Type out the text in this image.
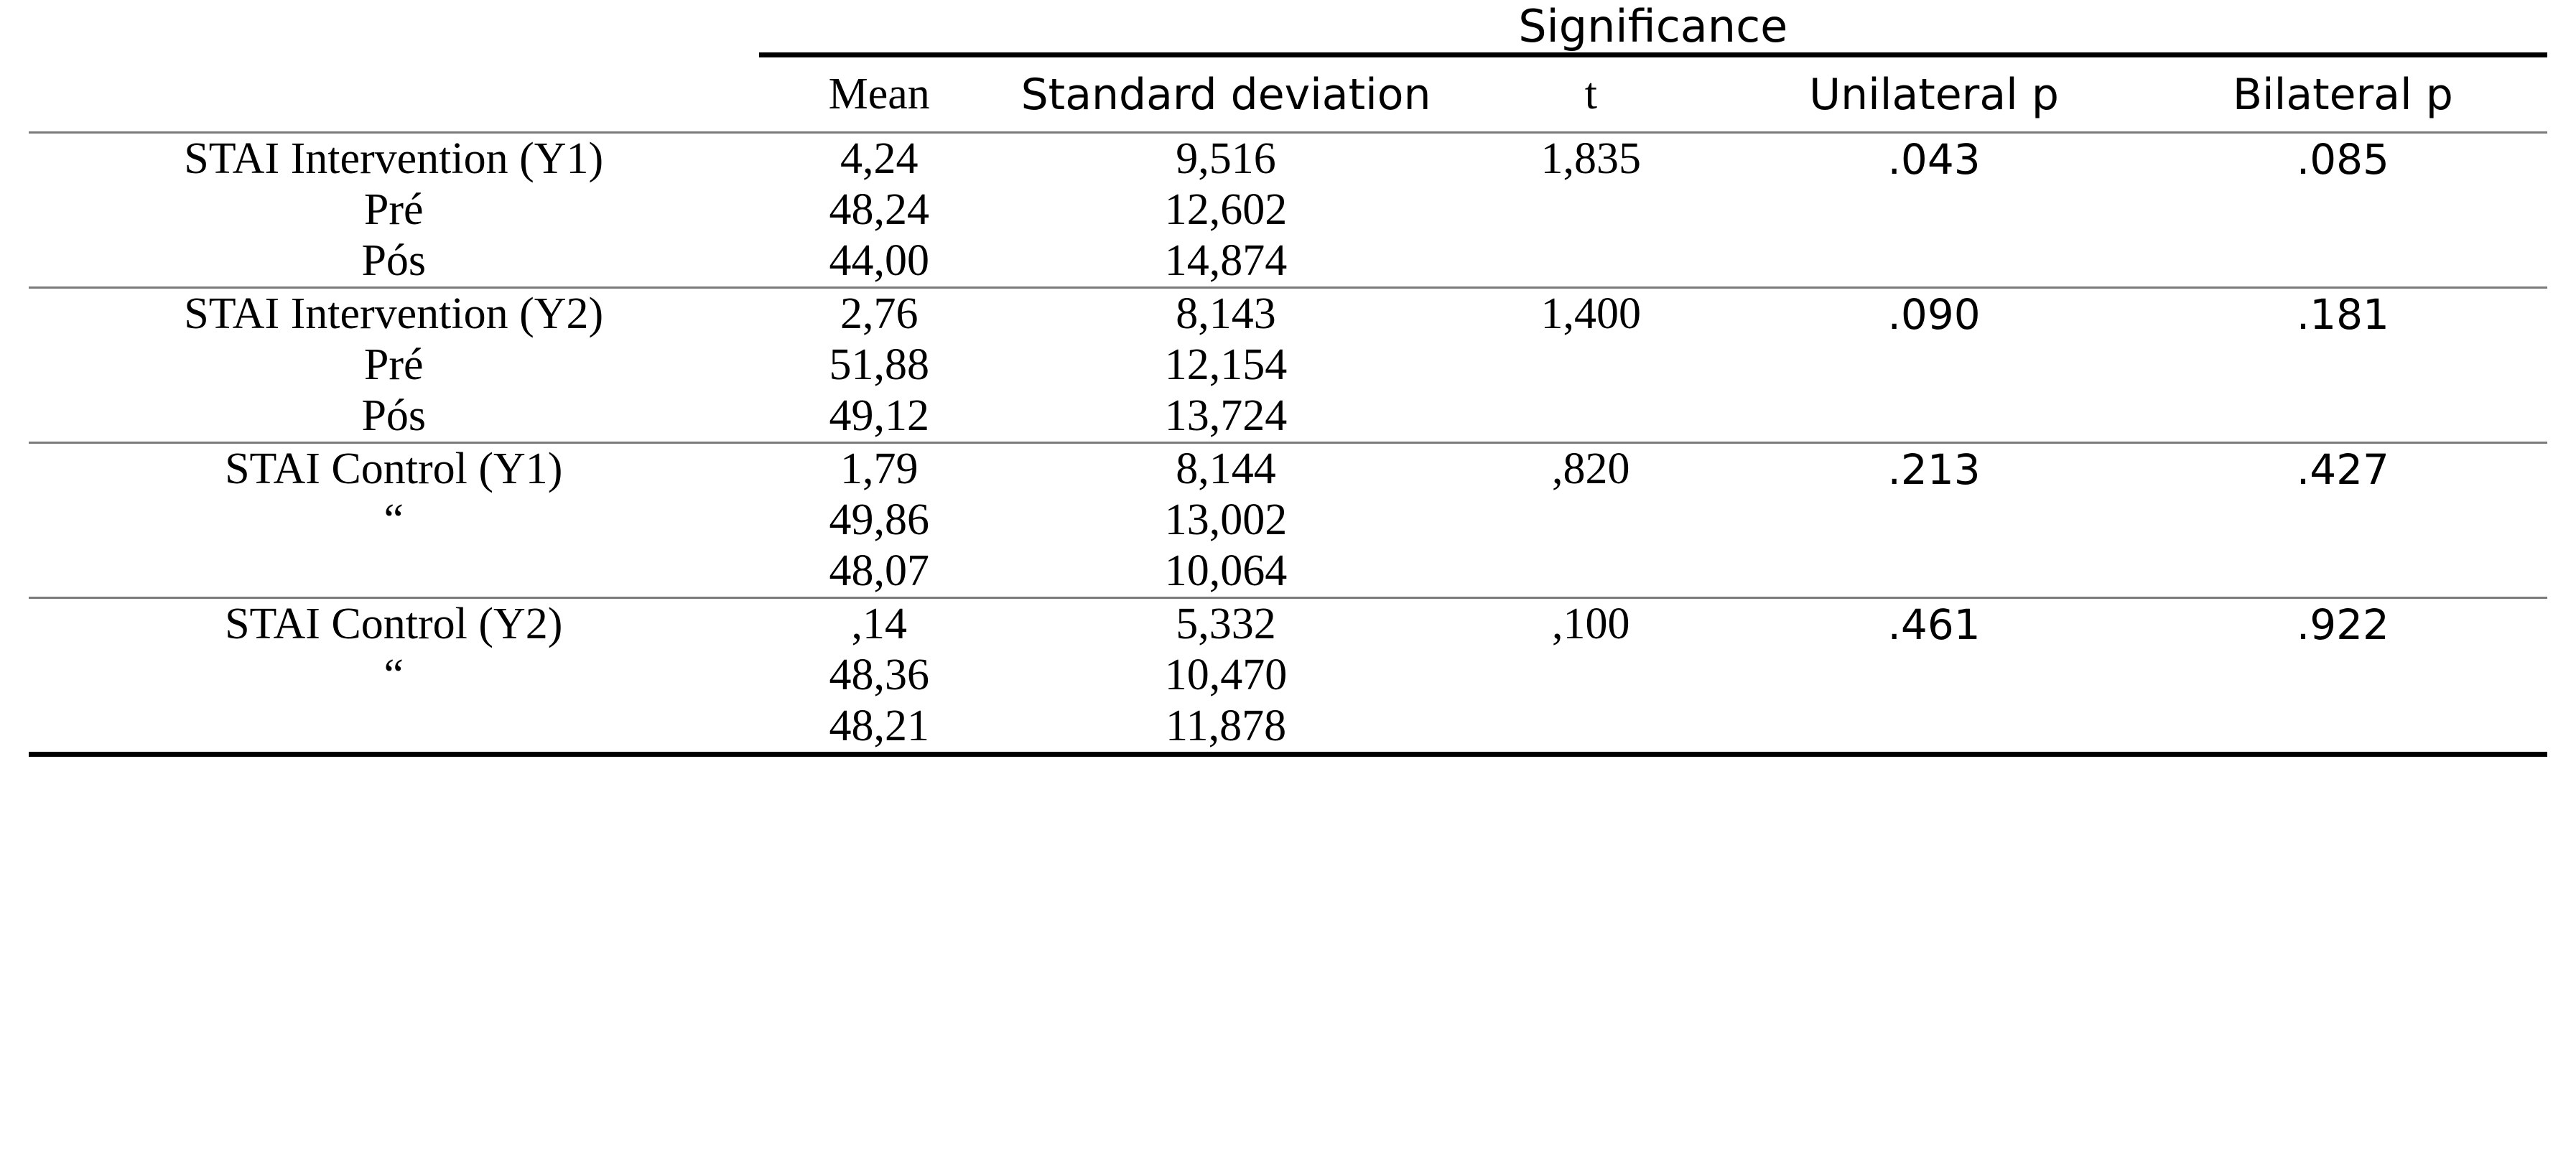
	Significance				
	Mean	Standard deviation	t	Unilateral p	Bilateral p
STAI Intervention (Y1)	4,24	9,516	1,835	.043	.085
Pré	48,24	12,602			
Pós	44,00	14,874			
STAI Intervention (Y2)	2,76	8,143	1,400	.090	.181
Pré	51,88	12,154			
Pós	49,12	13,724			
STAI Control (Y1)	1,79	8,144	,820	.213	.427
“	49,86	13,002			
	48,07	10,064			
STAI Control (Y2)	,14	5,332	,100	.461	.922
“	48,36	10,470			
	48,21	11,878			
